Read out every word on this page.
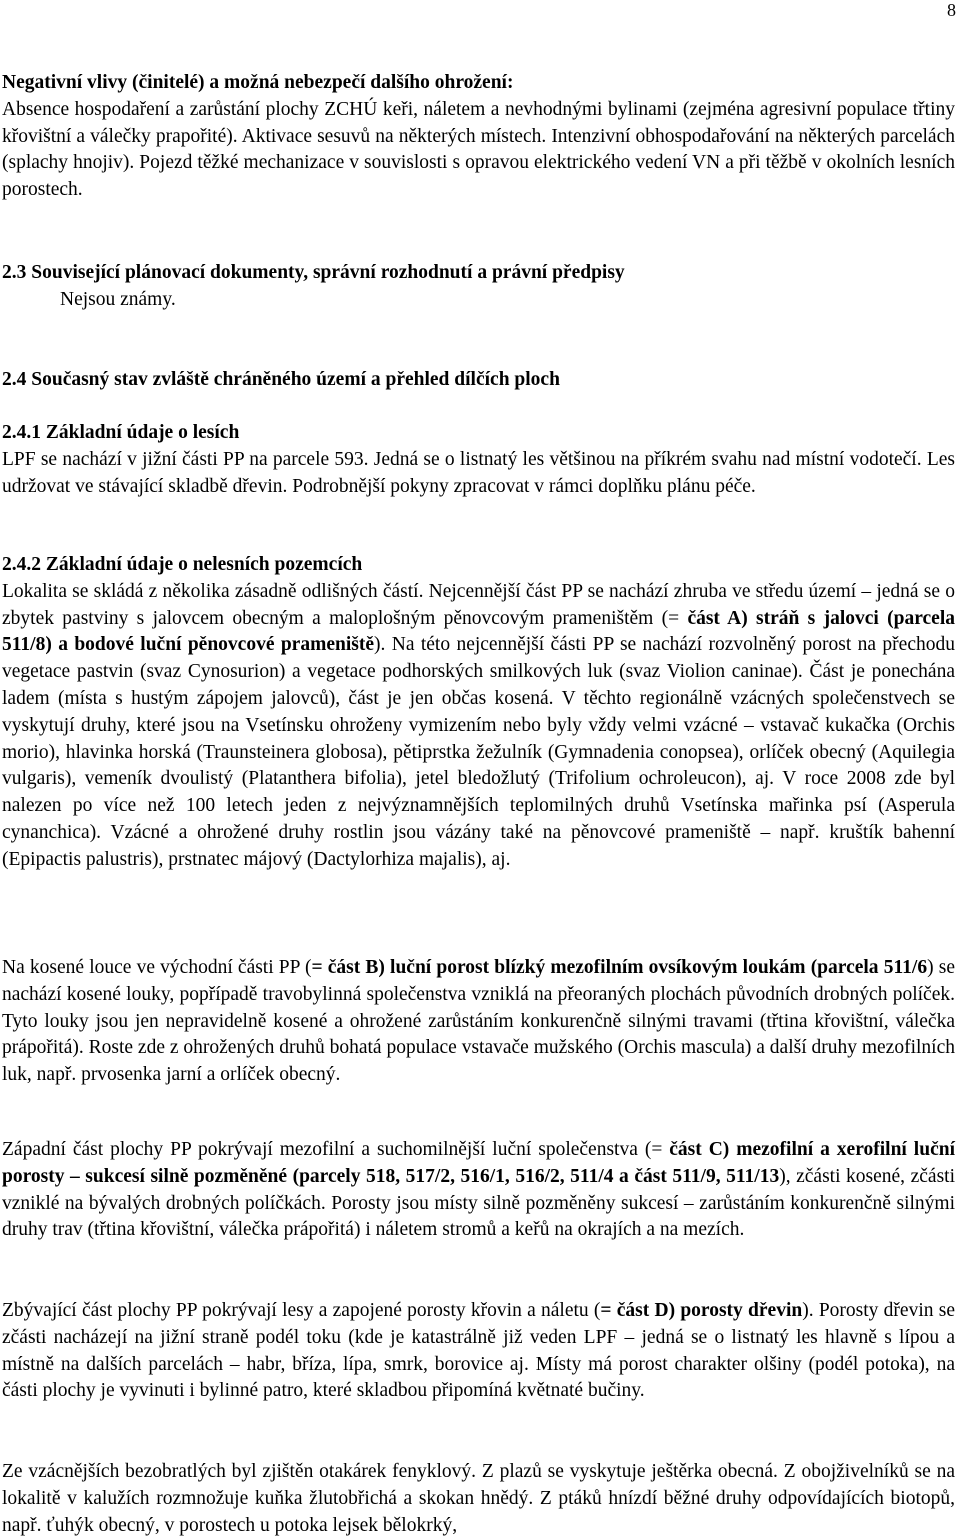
8
Negativní vlivy (činitelé) a možná nebezpečí dalšího ohrožení:

Absence hospodaření a zarůstání plochy ZCHÚ keři, náletem a nevhodnými bylinami (zejména agresivní populace třtiny křovištní a válečky prapořité). Aktivace sesuvů na některých místech. Intenzivní obhospodařování na některých parcelách (splachy hnojiv). Pojezd těžké mechanizace v souvislosti s opravou elektrického vedení VN a při těžbě v okolních lesních porostech.

2.3 Související plánovací dokumenty, správní rozhodnutí a právní předpisy

Nejsou známy.

2.4 Současný stav zvláště chráněného území a přehled dílčích ploch
2.4.1 Základní údaje o lesích

LPF se nachází v jižní části PP na parcele 593. Jedná se o listnatý les většinou na příkrém svahu nad místní vodotečí. Les udržovat ve stávající skladbě dřevin. Podrobnější pokyny zpracovat v rámci doplňku plánu péče.

2.4.2 Základní údaje o nelesních pozemcích

Lokalita se skládá z několika zásadně odlišných částí. Nejcennější část PP se nachází zhruba ve středu území – jedná se o zbytek pastviny s jalovcem obecným a maloplošným pěnovcovým prameništěm (= část A) stráň s jalovci (parcela 511/8) a bodové luční pěnovcové prameniště). Na této nejcennější části PP se nachází rozvolněný porost na přechodu vegetace pastvin (svaz Cynosurion) a vegetace podhorských smilkových luk (svaz Violion caninae). Část je ponechána ladem (místa s hustým zápojem jalovců), část je jen občas kosená. V těchto regionálně vzácných společenstvech se vyskytují druhy, které jsou na Vsetínsku ohroženy vymizením nebo byly vždy velmi vzácné – vstavač kukačka (Orchis morio), hlavinka horská (Traunsteinera globosa), pětiprstka žežulník (Gymnadenia conopsea), orlíček obecný (Aquilegia vulgaris), vemeník dvoulistý (Platanthera bifolia), jetel bledožlutý (Trifolium ochroleucon), aj. V roce 2008 zde byl nalezen po více než 100 letech jeden z nejvýznamnějších teplomilných druhů Vsetínska mařinka psí (Asperula cynanchica). Vzácné a ohrožené druhy rostlin jsou vázány také na pěnovcové prameniště – např. kruštík bahenní (Epipactis palustris), prstnatec májový (Dactylorhiza majalis), aj.

Na kosené louce ve východní části PP (= část B) luční porost blízký mezofilním ovsíkovým loukám (parcela 511/6) se nachází kosené louky, popřípadě travobylinná společenstva vzniklá na přeoraných plochách původních drobných políček. Tyto louky jsou jen nepravidelně kosené a ohrožené zarůstáním konkurenčně silnými travami (třtina křovištní, válečka prápořitá). Roste zde z ohrožených druhů bohatá populace vstavače mužského (Orchis mascula) a další druhy mezofilních luk, např. prvosenka jarní a orlíček obecný.

Západní část plochy PP pokrývají mezofilní a suchomilnější luční společenstva (= část C) mezofilní a xerofilní luční porosty – sukcesí silně pozměněné (parcely 518, 517/2, 516/1, 516/2, 511/4 a část 511/9, 511/13), zčásti kosené, zčásti vzniklé na bývalých drobných políčkách. Porosty jsou místy silně pozměněny sukcesí – zarůstáním konkurenčně silnými druhy trav (třtina křovištní, válečka prápořitá) i náletem stromů a keřů na okrajích a na mezích.

Zbývající část plochy PP pokrývají lesy a zapojené porosty křovin a náletu (= část D) porosty dřevin). Porosty dřevin se zčásti nacházejí na jižní straně podél toku (kde je katastrálně již veden LPF – jedná se o listnatý les hlavně s lípou a místně na dalších parcelách – habr, bříza, lípa, smrk, borovice aj. Místy má porost charakter olšiny (podél potoka), na části plochy je vyvinuti i bylinné patro, které skladbou připomíná květnaté bučiny.

Ze vzácnějších bezobratlých byl zjištěn otakárek fenyklový. Z plazů se vyskytuje ještěrka obecná. Z obojživelníků se na lokalitě v kalužích rozmnožuje kuňka žlutobřichá a skokan hnědý. Z ptáků hnízdí běžné druhy odpovídajících biotopů, např. ťuhýk obecný, v porostech u potoka lejsek bělokrký,
